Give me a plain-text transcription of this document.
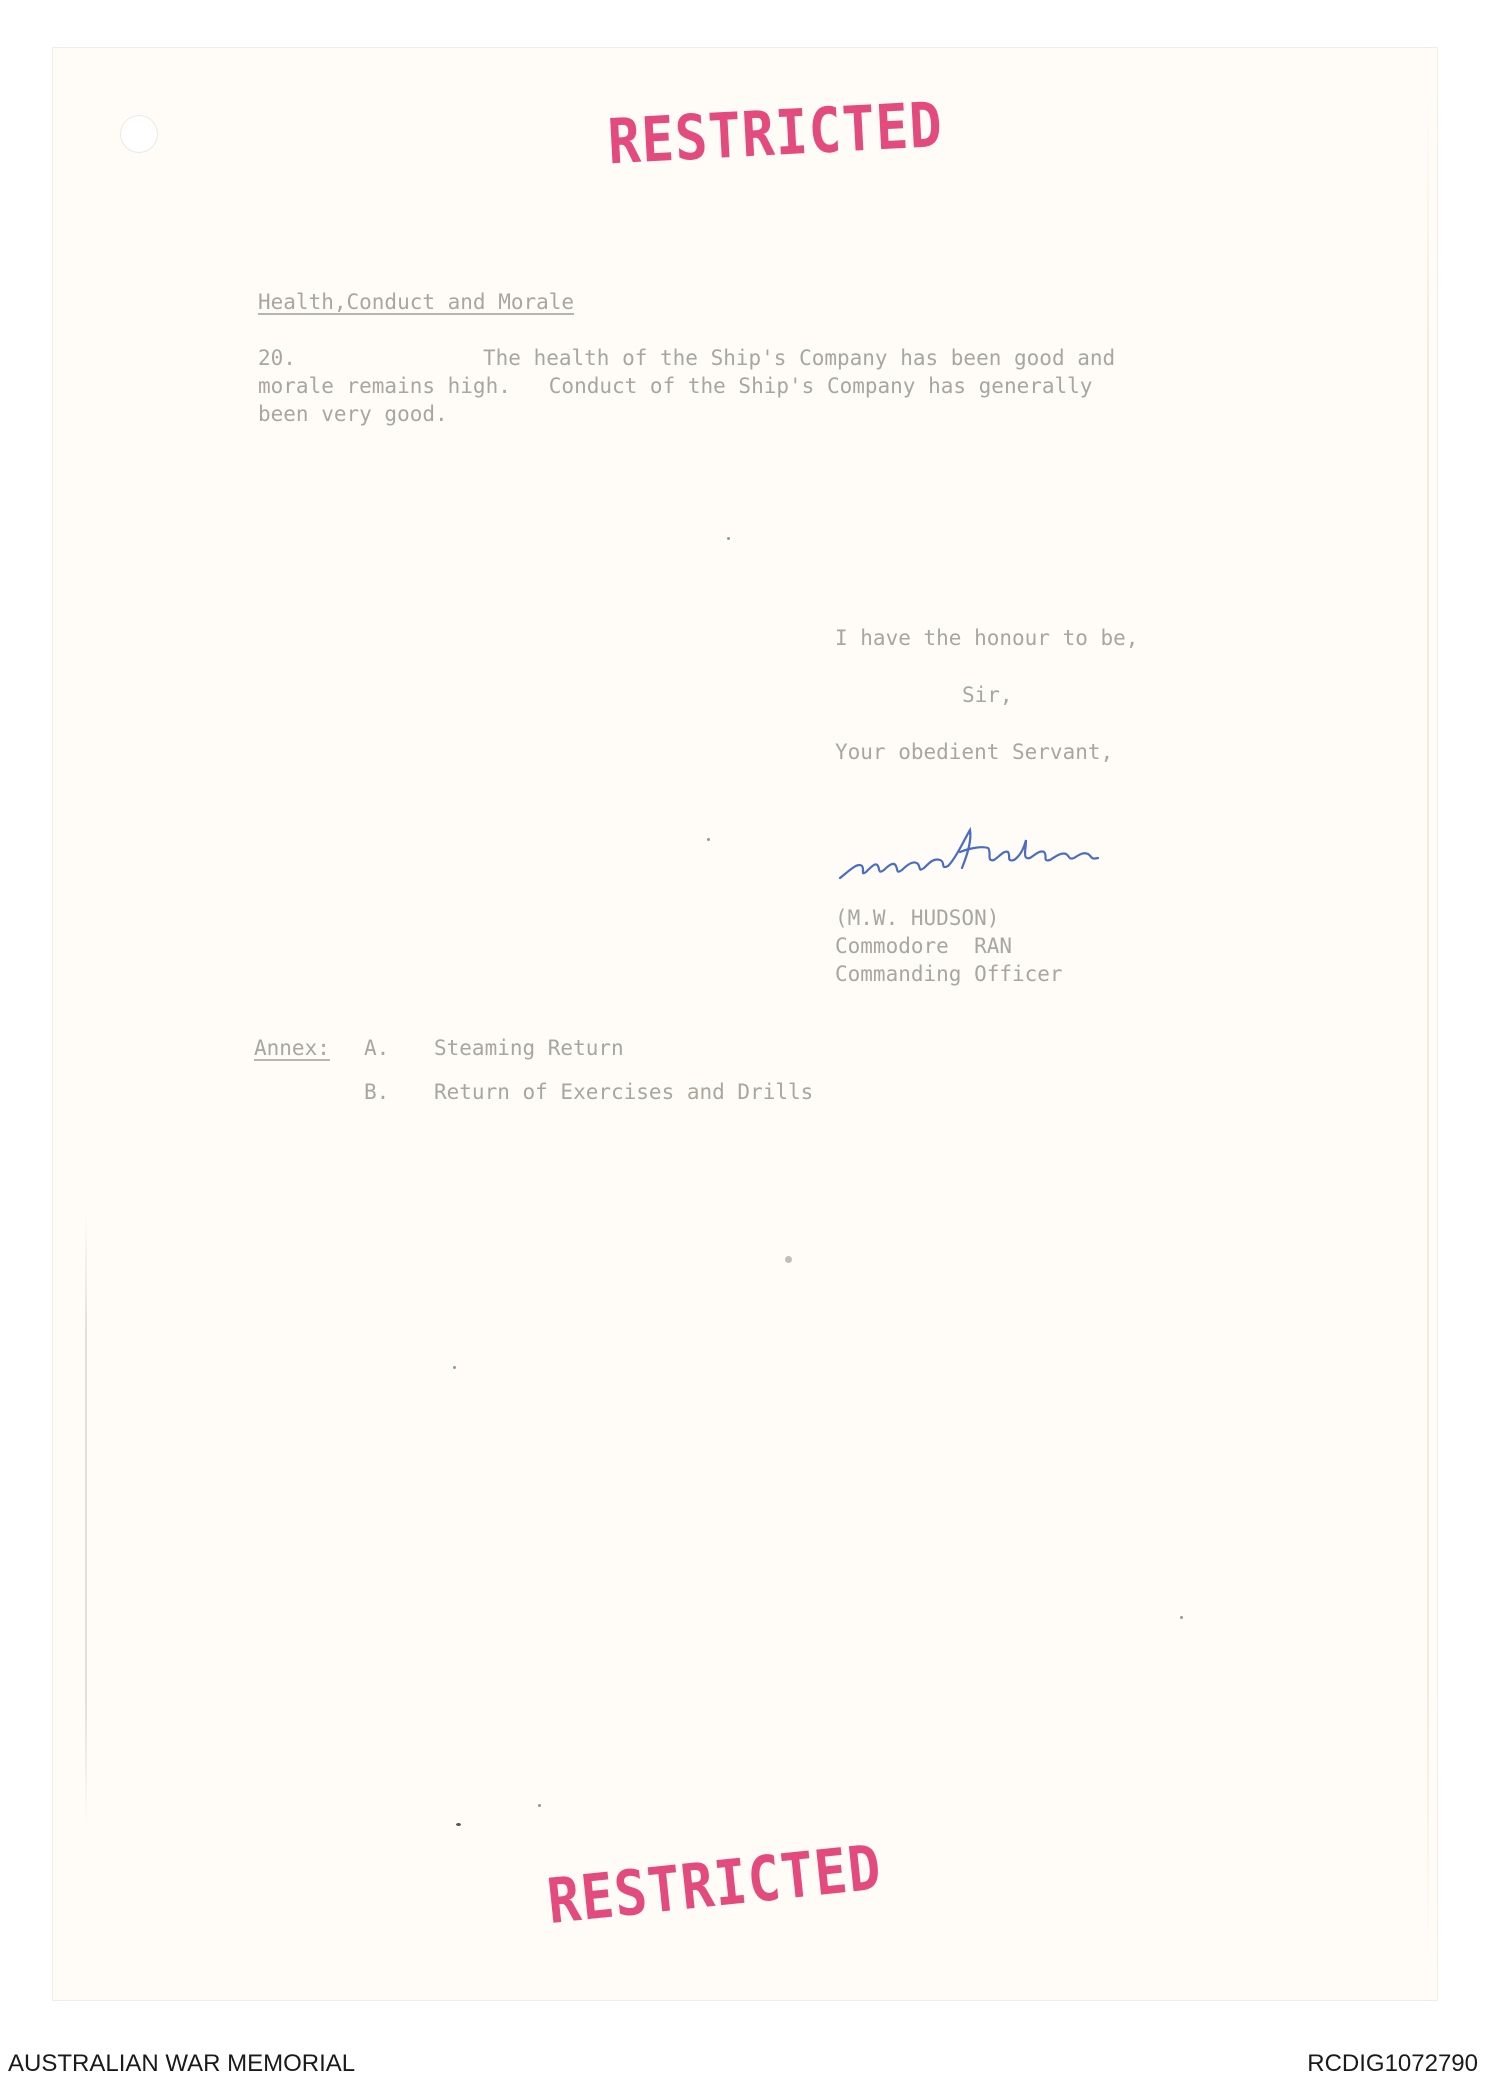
RESTRICTED
Health,Conduct and Morale
20.	The health of the Ship's Company has been good and
morale remains high.   Conduct of the Ship's Company has generally
been very good.
I have the honour to be,
Sir,
Your obedient Servant,
(M.W. HUDSON)
Commodore  RAN
Commanding Officer
Annex: A. Steaming Return
B. Return of Exercises and Drills
RESTRICTED
AUSTRALIAN WAR MEMORIAL	RCDIG1072790
